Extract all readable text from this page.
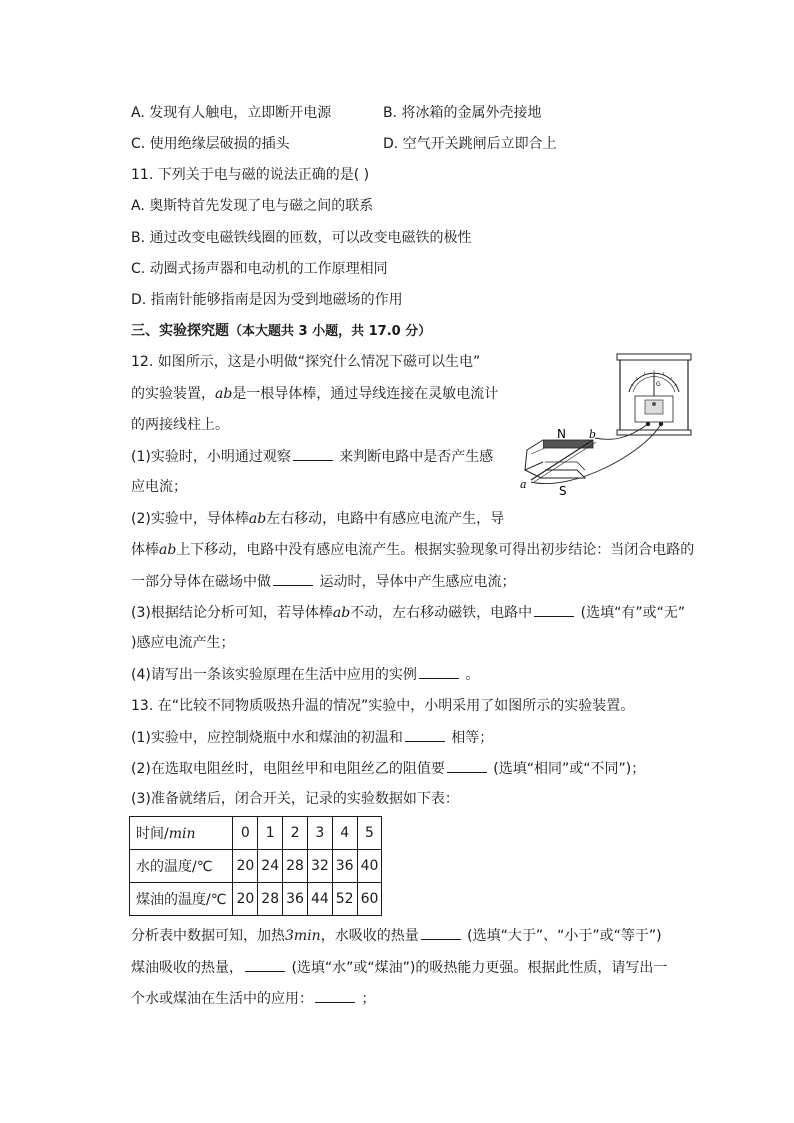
A. 发现有人触电，立即断开电源	B. 将冰箱的金属外壳接地
C. 使用绝缘层破损的插头	D. 空气开关跳闸后立即合上
11. 下列关于电与磁的说法正确的是( )
A. 奥斯特首先发现了电与磁之间的联系
B. 通过改变电磁铁线圈的匝数，可以改变电磁铁的极性
C. 动圈式扬声器和电动机的工作原理相同
D. 指南针能够指南是因为受到地磁场的作用
三、实验探究题（本大题共 3 小题，共 17.0 分）
12. 如图所示，这是小明做“探究什么情况下磁可以生电”
的实验装置，ab是一根导体棒，通过导线连接在灵敏电流计
的两接线柱上。
(1)实验时，小明通过观察	来判断电路中是否产生感
应电流；
(2)实验中，导体棒ab左右移动，电路中有感应电流产生，导
体棒ab上下移动，电路中没有感应电流产生。根据实验现象可得出初步结论：当闭合电路的
一部分导体在磁场中做	运动时，导体中产生感应电流；
(3)根据结论分析可知，若导体棒ab不动，左右移动磁铁，电路中	(选填“有”或“无”
)感应电流产生；
(4)请写出一条该实验原理在生活中应用的实例	。
G
N
S
a
b
13. 在“比较不同物质吸热升温的情况”实验中，小明采用了如图所示的实验装置。
(1)实验中，应控制烧瓶中水和煤油的初温和	相等；
(2)在选取电阻丝时，电阻丝甲和电阻丝乙的阻值要	(选填“相同”或“不同”)；
(3)准备就绪后，闭合开关，记录的实验数据如下表：
时间/min	0	1	2	3	4	5
水的温度/℃	20	24	28	32	36	40
煤油的温度/℃	20	28	36	44	52	60
分析表中数据可知，加热3min，水吸收的热量	(选填“大于”、“小于”或“等于”)
煤油吸收的热量，	(选填“水”或“煤油”)的吸热能力更强。根据此性质，请写出一
个水或煤油在生活中的应用：	；
